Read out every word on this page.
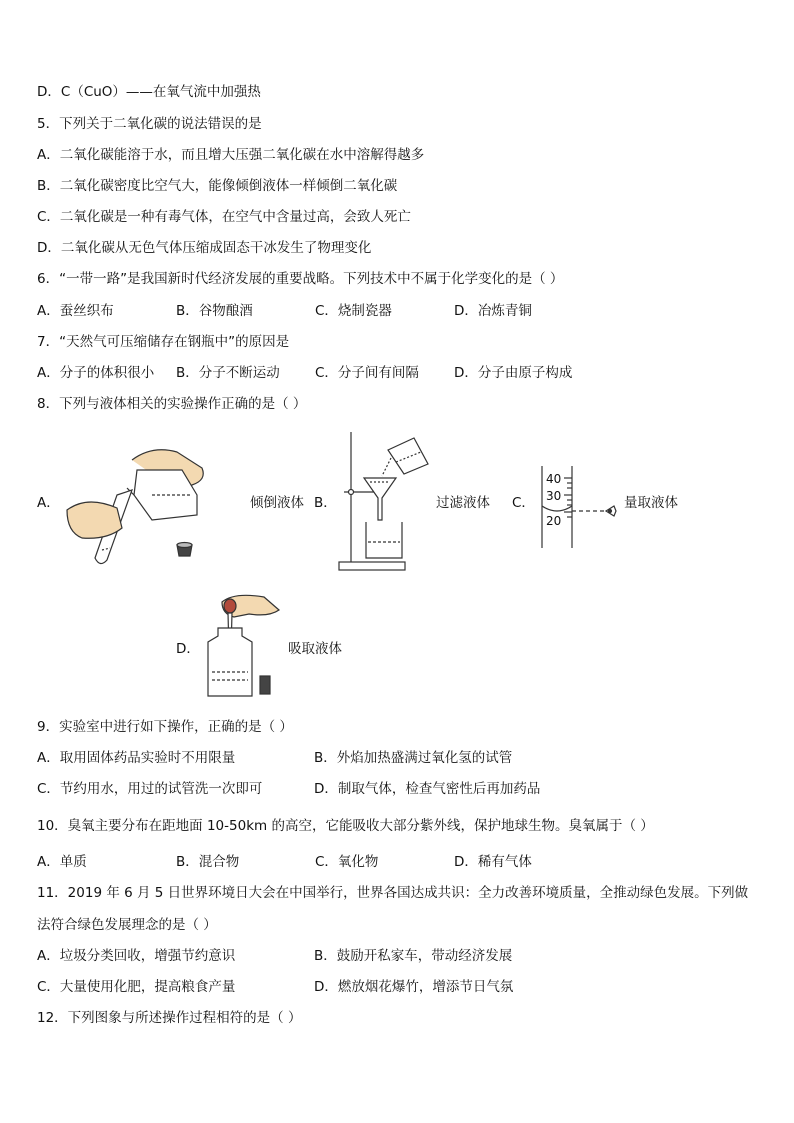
D．C（CuO）——在氧气流中加强热
5．下列关于二氧化碳的说法错误的是
A．二氧化碳能溶于水，而且增大压强二氧化碳在水中溶解得越多
B．二氧化碳密度比空气大，能像倾倒液体一样倾倒二氧化碳
C．二氧化碳是一种有毒气体，在空气中含量过高，会致人死亡
D．二氧化碳从无色气体压缩成固态干冰发生了物理变化
6．“一带一路”是我国新时代经济发展的重要战略。下列技术中不属于化学变化的是（ ）
A．蚕丝织布	B．谷物酿酒	C．烧制瓷器	D．冶炼青铜
7．“天然气可压缩储存在钢瓶中”的原因是
A．分子的体积很小 B．分子不断运动	C．分子间有间隔	D．分子由原子构成
8．下列与液体相关的实验操作正确的是（ ）
A．	倾倒液体 B．	过滤液体 C．
40
30
20
量取液体
D．	吸取液体
9．实验室中进行如下操作，正确的是（ ）
A．取用固体药品实验时不用限量	B．外焰加热盛满过氧化氢的试管
C．节约用水，用过的试管洗一次即可	D．制取气体，检查气密性后再加药品
10．臭氧主要分布在距地面 10-50km 的高空，它能吸收大部分紫外线，保护地球生物。臭氧属于（ ）
A．单质	B．混合物	C．氧化物	D．稀有气体
11．2019 年 6 月 5 日世界环境日大会在中国举行，世界各国达成共识：全力改善环境质量，全推动绿色发展。下列做
法符合绿色发展理念的是（ ）
A．垃圾分类回收，增强节约意识	B．鼓励开私家车，带动经济发展
C．大量使用化肥，提高粮食产量	D．燃放烟花爆竹，增添节日气氛
12．下列图象与所述操作过程相符的是（ ）
